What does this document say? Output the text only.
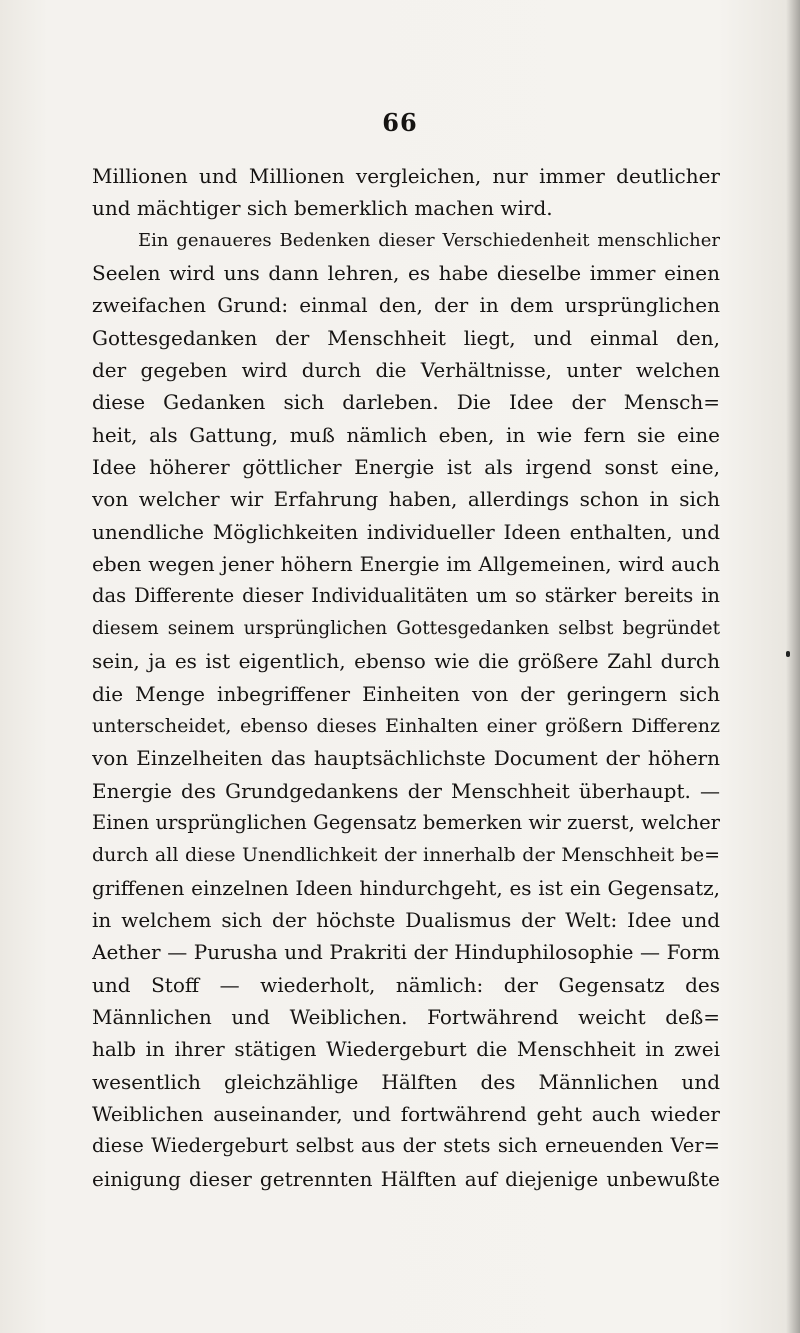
66
Millionen und Millionen vergleichen, nur immer deutlicher
und mächtiger sich bemerklich machen wird.
Ein genaueres Bedenken dieser Verschiedenheit menschlicher
Seelen wird uns dann lehren, es habe dieselbe immer einen
zweifachen Grund: einmal den, der in dem ursprünglichen
Gottesgedanken der Menschheit liegt, und einmal den,
der gegeben wird durch die Verhältnisse, unter welchen
diese Gedanken sich darleben. Die Idee der Mensch=
heit, als Gattung, muß nämlich eben, in wie fern sie eine
Idee höherer göttlicher Energie ist als irgend sonst eine,
von welcher wir Erfahrung haben, allerdings schon in sich
unendliche Möglichkeiten individueller Ideen enthalten, und
eben wegen jener höhern Energie im Allgemeinen, wird auch
das Differente dieser Individualitäten um so stärker bereits in
diesem seinem ursprünglichen Gottesgedanken selbst begründet
sein, ja es ist eigentlich, ebenso wie die größere Zahl durch
die Menge inbegriffener Einheiten von der geringern sich
unterscheidet, ebenso dieses Einhalten einer größern Differenz
von Einzelheiten das hauptsächlichste Document der höhern
Energie des Grundgedankens der Menschheit überhaupt. —
Einen ursprünglichen Gegensatz bemerken wir zuerst, welcher
durch all diese Unendlichkeit der innerhalb der Menschheit be=
griffenen einzelnen Ideen hindurchgeht, es ist ein Gegensatz,
in welchem sich der höchste Dualismus der Welt: Idee und
Aether — Purusha und Prakriti der Hinduphilosophie — Form
und Stoff — wiederholt, nämlich: der Gegensatz des
Männlichen und Weiblichen. Fortwährend weicht deß=
halb in ihrer stätigen Wiedergeburt die Menschheit in zwei
wesentlich gleichzählige Hälften des Männlichen und
Weiblichen auseinander, und fortwährend geht auch wieder
diese Wiedergeburt selbst aus der stets sich erneuenden Ver=
einigung dieser getrennten Hälften auf diejenige unbewußte
